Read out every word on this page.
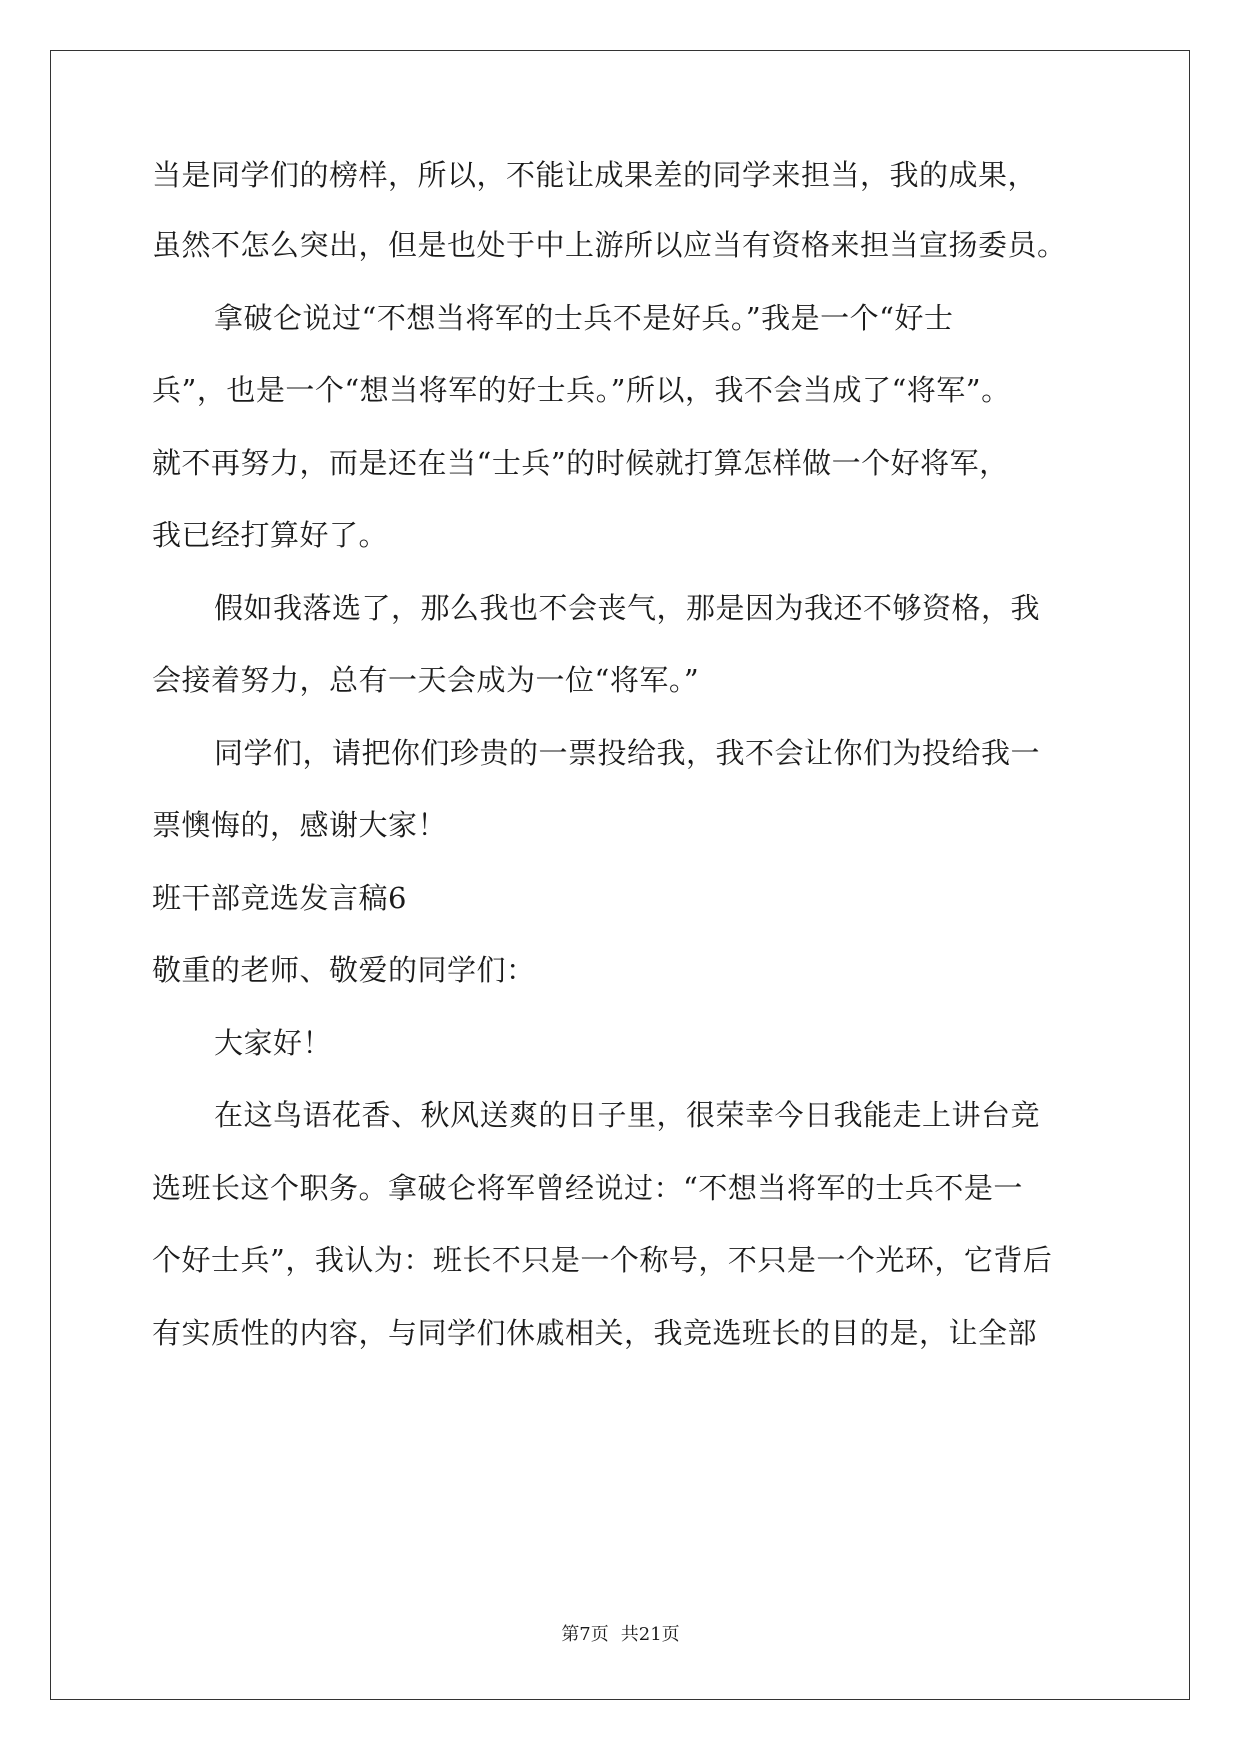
当是同学们的榜样，所以，不能让成果差的同学来担当，我的成果，
虽然不怎么突出，但是也处于中上游所以应当有资格来担当宣扬委员。
拿破仑说过“不想当将军的士兵不是好兵。”我是一个“好士
兵”，也是一个“想当将军的好士兵。”所以，我不会当成了“将军”。
就不再努力，而是还在当“士兵”的时候就打算怎样做一个好将军，
我已经打算好了。
假如我落选了，那么我也不会丧气，那是因为我还不够资格，我
会接着努力，总有一天会成为一位“将军。”
同学们，请把你们珍贵的一票投给我，我不会让你们为投给我一
票懊悔的，感谢大家！
班干部竞选发言稿6
敬重的老师、敬爱的同学们：
大家好！
在这鸟语花香、秋风送爽的日子里，很荣幸今日我能走上讲台竞
选班长这个职务。拿破仑将军曾经说过：“不想当将军的士兵不是一
个好士兵”，我认为：班长不只是一个称号，不只是一个光环，它背后
有实质性的内容，与同学们休戚相关，我竞选班长的目的是，让全部
第7页 共21页
